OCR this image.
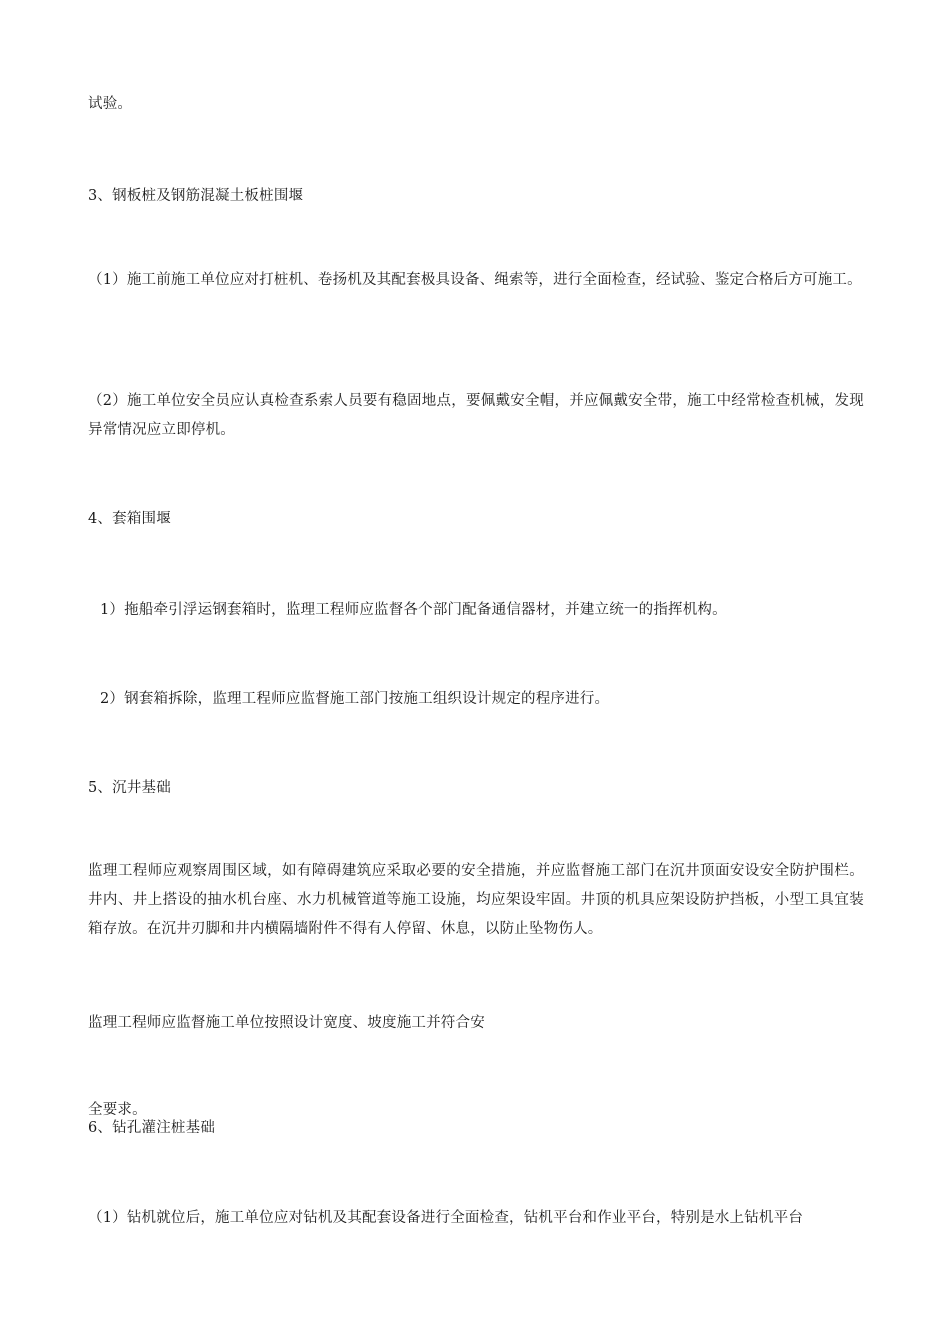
试验。
3、钢板桩及钢筋混凝土板桩围堰
（1）施工前施工单位应对打桩机、卷扬机及其配套极具设备、绳索等，进行全面检查，经试验、鉴定合格后方可施工。
（2）施工单位安全员应认真检查系索人员要有稳固地点，要佩戴安全帽，并应佩戴安全带，施工中经常检查机械，发现异常情况应立即停机。
4、套箱围堰
1）拖船牵引浮运钢套箱时，监理工程师应监督各个部门配备通信器材，并建立统一的指挥机构。
2）钢套箱拆除，监理工程师应监督施工部门按施工组织设计规定的程序进行。
5、沉井基础
监理工程师应观察周围区域，如有障碍建筑应采取必要的安全措施，并应监督施工部门在沉井顶面安设安全防护围栏。井内、井上搭设的抽水机台座、水力机械管道等施工设施，均应架设牢固。井顶的机具应架设防护挡板，小型工具宜装箱存放。在沉井刃脚和井内横隔墙附件不得有人停留、休息，以防止坠物伤人。
监理工程师应监督施工单位按照设计宽度、坡度施工并符合安
全要求。
6、钻孔灌注桩基础
（1）钻机就位后，施工单位应对钻机及其配套设备进行全面检查，钻机平台和作业平台，特别是水上钻机平台
